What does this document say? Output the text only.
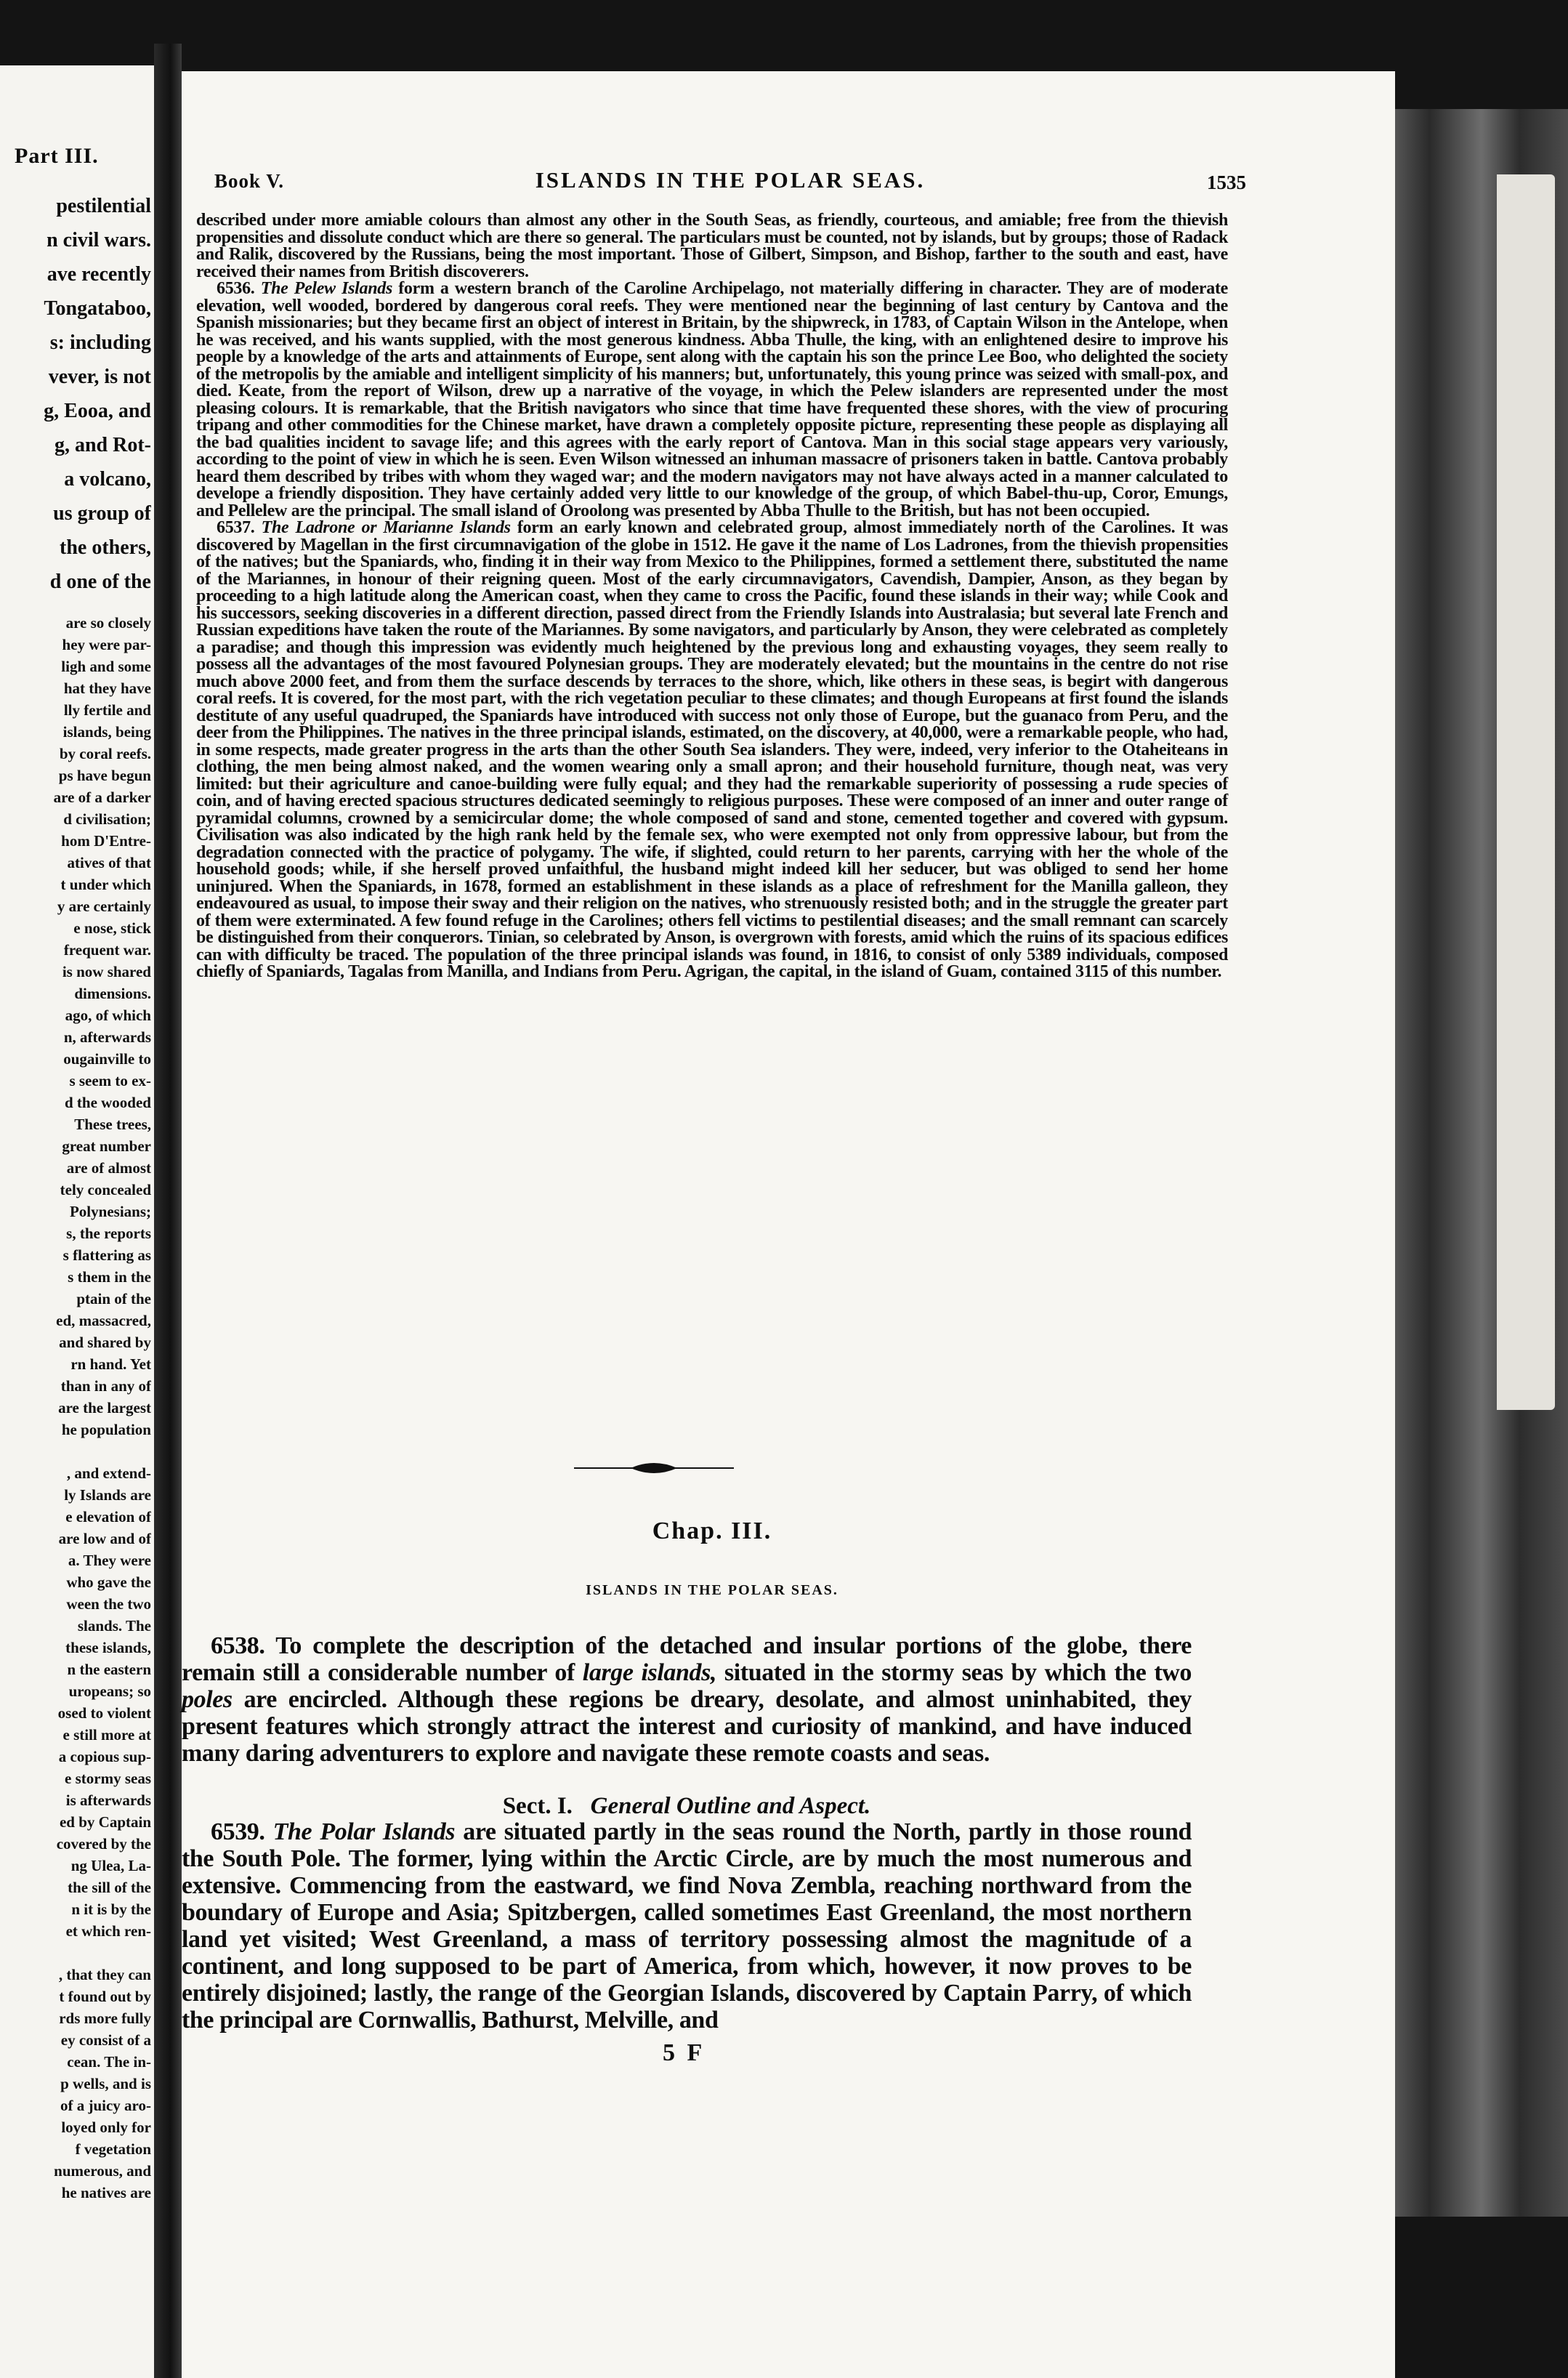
Part III.
pestilential
n civil wars.
ave recently
Tongataboo,
s: including
vever, is not
g, Eooa, and
g, and Rot-
a volcano,
us group of
the others,
d one of the
are so closely
hey were par-
ligh and some
hat they have
lly fertile and
islands, being
by coral reefs.
ps have begun
are of a darker
d civilisation;
hom D'Entre-
atives of that
t under which
y are certainly
e nose, stick
frequent war.
is now shared
dimensions.
ago, of which
n, afterwards
ougainville to
s seem to ex-
d the wooded
These trees,
great number
are of almost
tely concealed
Polynesians;
s, the reports
s flattering as
s them in the
ptain of the
ed, massacred,
and shared by
rn hand. Yet
than in any of
are the largest
he population

, and extend-
ly Islands are
e elevation of
are low and of
a. They were
who gave the
ween the two
slands. The
these islands,
n the eastern
uropeans; so
osed to violent
e still more at
a copious sup-
e stormy seas
is afterwards
ed by Captain
covered by the
ng Ulea, La-
the sill of the
n it is by the
et which ren-

, that they can
t found out by
rds more fully
ey consist of a
cean. The in-
p wells, and is
of a juicy aro-
loyed only for
f vegetation
numerous, and
he natives are
Book V.	ISLANDS IN THE POLAR SEAS.	1535

described under more amiable colours than almost any other in the South Seas, as friendly, courteous, and amiable; free from the thievish propensities and dissolute conduct which are there so general. The particulars must be counted, not by islands, but by groups; those of Radack and Ralik, discovered by the Russians, being the most important. Those of Gilbert, Simpson, and Bishop, farther to the south and east, have received their names from British discoverers.

6536. The Pelew Islands form a western branch of the Caroline Archipelago, not materially differing in character. They are of moderate elevation, well wooded, bordered by dangerous coral reefs. They were mentioned near the beginning of last century by Cantova and the Spanish missionaries; but they became first an object of interest in Britain, by the shipwreck, in 1783, of Captain Wilson in the Antelope, when he was received, and his wants supplied, with the most generous kindness. Abba Thulle, the king, with an enlightened desire to improve his people by a knowledge of the arts and attainments of Europe, sent along with the captain his son the prince Lee Boo, who delighted the society of the metropolis by the amiable and intelligent simplicity of his manners; but, unfortunately, this young prince was seized with small-pox, and died. Keate, from the report of Wilson, drew up a narrative of the voyage, in which the Pelew islanders are represented under the most pleasing colours. It is remarkable, that the British navigators who since that time have frequented these shores, with the view of procuring tripang and other commodities for the Chinese market, have drawn a completely opposite picture, representing these people as displaying all the bad qualities incident to savage life; and this agrees with the early report of Cantova. Man in this social stage appears very variously, according to the point of view in which he is seen. Even Wilson witnessed an inhuman massacre of prisoners taken in battle. Cantova probably heard them described by tribes with whom they waged war; and the modern navigators may not have always acted in a manner calculated to develope a friendly disposition. They have certainly added very little to our knowledge of the group, of which Babel-thu-up, Coror, Emungs, and Pellelew are the principal. The small island of Oroolong was presented by Abba Thulle to the British, but has not been occupied.

6537. The Ladrone or Marianne Islands form an early known and celebrated group, almost immediately north of the Carolines. It was discovered by Magellan in the first circumnavigation of the globe in 1512. He gave it the name of Los Ladrones, from the thievish propensities of the natives; but the Spaniards, who, finding it in their way from Mexico to the Philippines, formed a settlement there, substituted the name of the Mariannes, in honour of their reigning queen. Most of the early circumnavigators, Cavendish, Dampier, Anson, as they began by proceeding to a high latitude along the American coast, when they came to cross the Pacific, found these islands in their way; while Cook and his successors, seeking discoveries in a different direction, passed direct from the Friendly Islands into Australasia; but several late French and Russian expeditions have taken the route of the Mariannes. By some navigators, and particularly by Anson, they were celebrated as completely a paradise; and though this impression was evidently much heightened by the previous long and exhausting voyages, they seem really to possess all the advantages of the most favoured Polynesian groups. They are moderately elevated; but the mountains in the centre do not rise much above 2000 feet, and from them the surface descends by terraces to the shore, which, like others in these seas, is begirt with dangerous coral reefs. It is covered, for the most part, with the rich vegetation peculiar to these climates; and though Europeans at first found the islands destitute of any useful quadruped, the Spaniards have introduced with success not only those of Europe, but the guanaco from Peru, and the deer from the Philippines. The natives in the three principal islands, estimated, on the discovery, at 40,000, were a remarkable people, who had, in some respects, made greater progress in the arts than the other South Sea islanders. They were, indeed, very inferior to the Otaheiteans in clothing, the men being almost naked, and the women wearing only a small apron; and their household furniture, though neat, was very limited: but their agriculture and canoe-building were fully equal; and they had the remarkable superiority of possessing a rude species of coin, and of having erected spacious structures dedicated seemingly to religious purposes. These were composed of an inner and outer range of pyramidal columns, crowned by a semicircular dome; the whole composed of sand and stone, cemented together and covered with gypsum. Civilisation was also indicated by the high rank held by the female sex, who were exempted not only from oppressive labour, but from the degradation connected with the practice of polygamy. The wife, if slighted, could return to her parents, carrying with her the whole of the household goods; while, if she herself proved unfaithful, the husband might indeed kill her seducer, but was obliged to send her home uninjured. When the Spaniards, in 1678, formed an establishment in these islands as a place of refreshment for the Manilla galleon, they endeavoured as usual, to impose their sway and their religion on the natives, who strenuously resisted both; and in the struggle the greater part of them were exterminated. A few found refuge in the Carolines; others fell victims to pestilential diseases; and the small remnant can scarcely be distinguished from their conquerors. Tinian, so celebrated by Anson, is overgrown with forests, amid which the ruins of its spacious edifices can with difficulty be traced. The population of the three principal islands was found, in 1816, to consist of only 5389 individuals, composed chiefly of Spaniards, Tagalas from Manilla, and Indians from Peru. Agrigan, the capital, in the island of Guam, contained 3115 of this number.

Chap. III.
ISLANDS IN THE POLAR SEAS.

6538. To complete the description of the detached and insular portions of the globe, there remain still a considerable number of large islands, situated in the stormy seas by which the two poles are encircled. Although these regions be dreary, desolate, and almost uninhabited, they present features which strongly attract the interest and curiosity of mankind, and have induced many daring adventurers to explore and navigate these remote coasts and seas.

Sect. I. General Outline and Aspect.

6539. The Polar Islands are situated partly in the seas round the North, partly in those round the South Pole. The former, lying within the Arctic Circle, are by much the most numerous and extensive. Commencing from the eastward, we find Nova Zembla, reaching northward from the boundary of Europe and Asia; Spitzbergen, called sometimes East Greenland, the most northern land yet visited; West Greenland, a mass of territory possessing almost the magnitude of a continent, and long supposed to be part of America, from which, however, it now proves to be entirely disjoined; lastly, the range of the Georgian Islands, discovered by Captain Parry, of which the principal are Cornwallis, Bathurst, Melville, and

5 F
